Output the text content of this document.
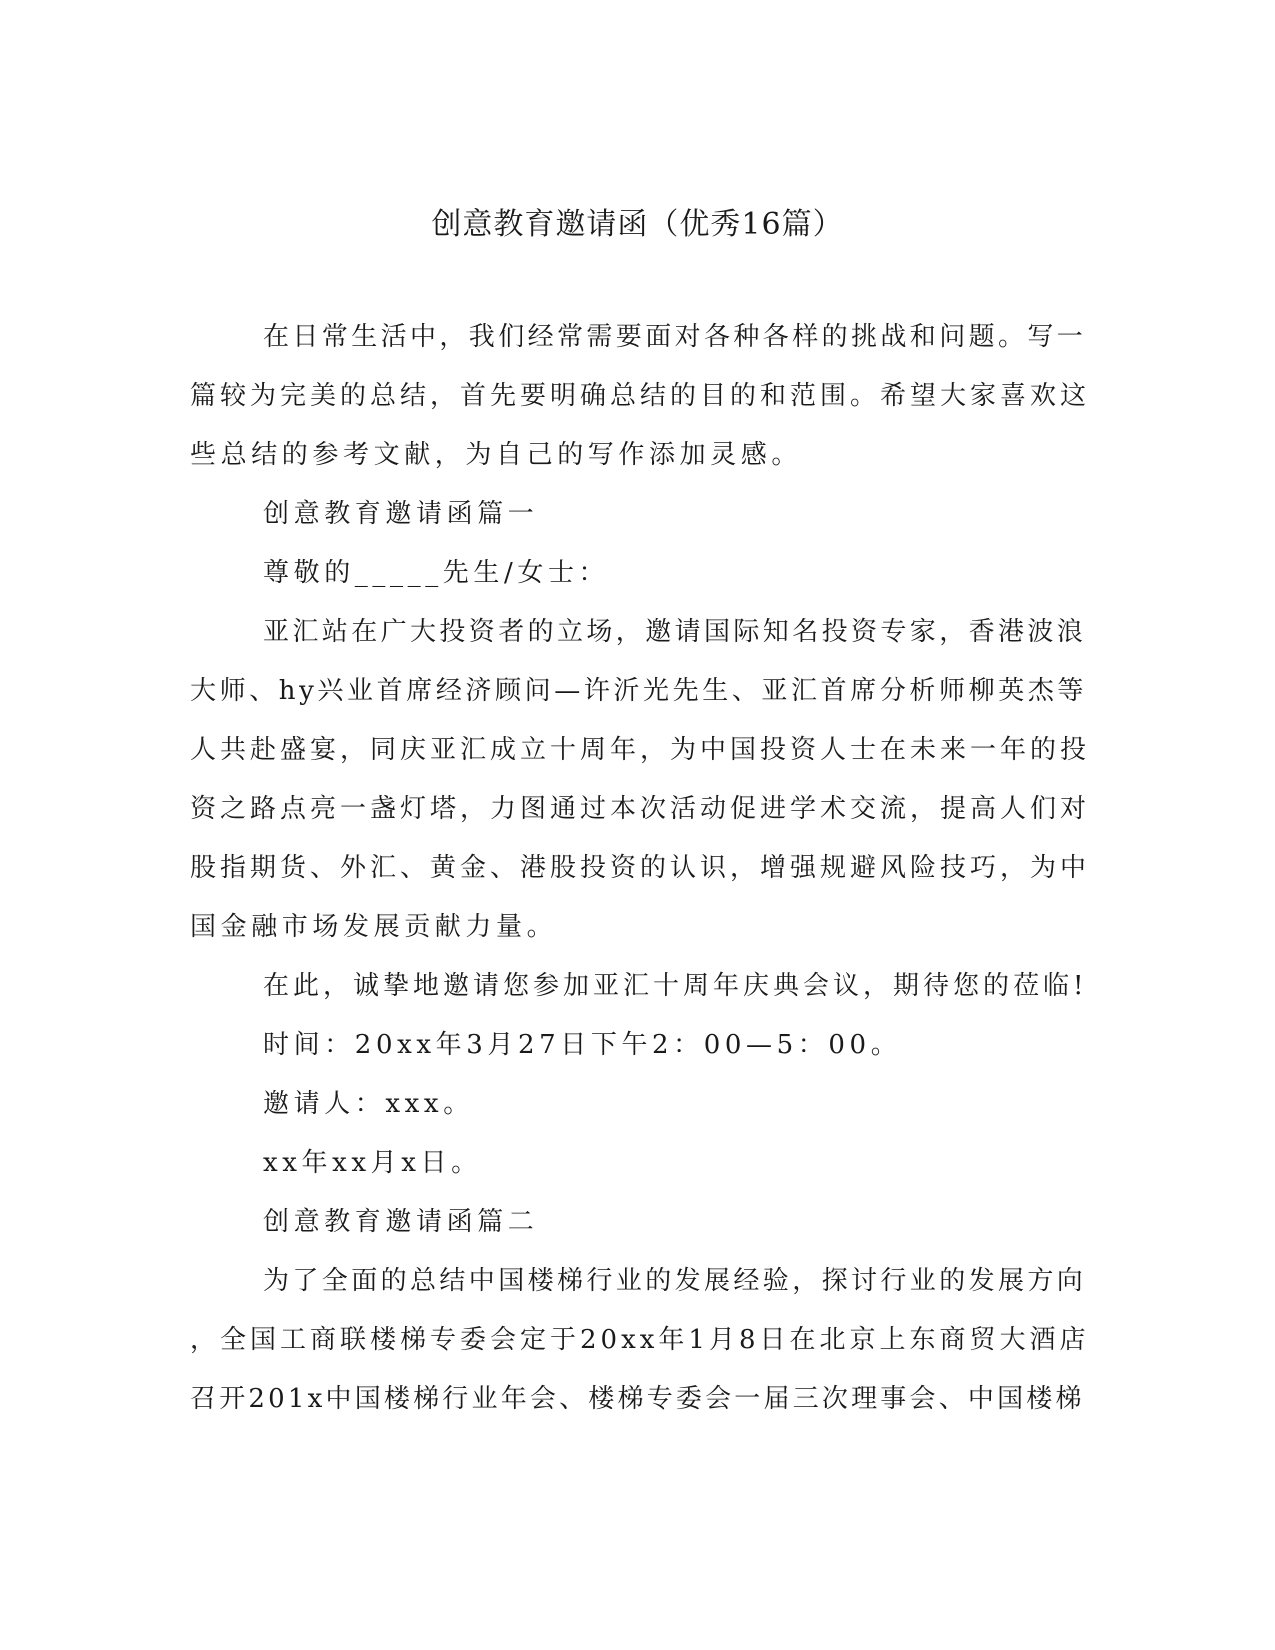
创意教育邀请函（优秀16篇）
在日常生活中，我们经常需要面对各种各样的挑战和问题。写一
篇较为完美的总结，首先要明确总结的目的和范围。希望大家喜欢这
些总结的参考文献，为自己的写作添加灵感。
创意教育邀请函篇一
尊敬的_____先生/女士：
亚汇站在广大投资者的立场，邀请国际知名投资专家，香港波浪
大师、hy兴业首席经济顾问—许沂光先生、亚汇首席分析师柳英杰等
人共赴盛宴，同庆亚汇成立十周年，为中国投资人士在未来一年的投
资之路点亮一盏灯塔，力图通过本次活动促进学术交流，提高人们对
股指期货、外汇、黄金、港股投资的认识，增强规避风险技巧，为中
国金融市场发展贡献力量。
在此，诚挚地邀请您参加亚汇十周年庆典会议，期待您的莅临!
时间：20xx年3月27日下午2：00—5：00。
邀请人：xxx。
xx年xx月x日。
创意教育邀请函篇二
为了全面的总结中国楼梯行业的发展经验，探讨行业的发展方向
，全国工商联楼梯专委会定于20xx年1月8日在北京上东商贸大酒店
召开201x中国楼梯行业年会、楼梯专委会一届三次理事会、中国楼梯
